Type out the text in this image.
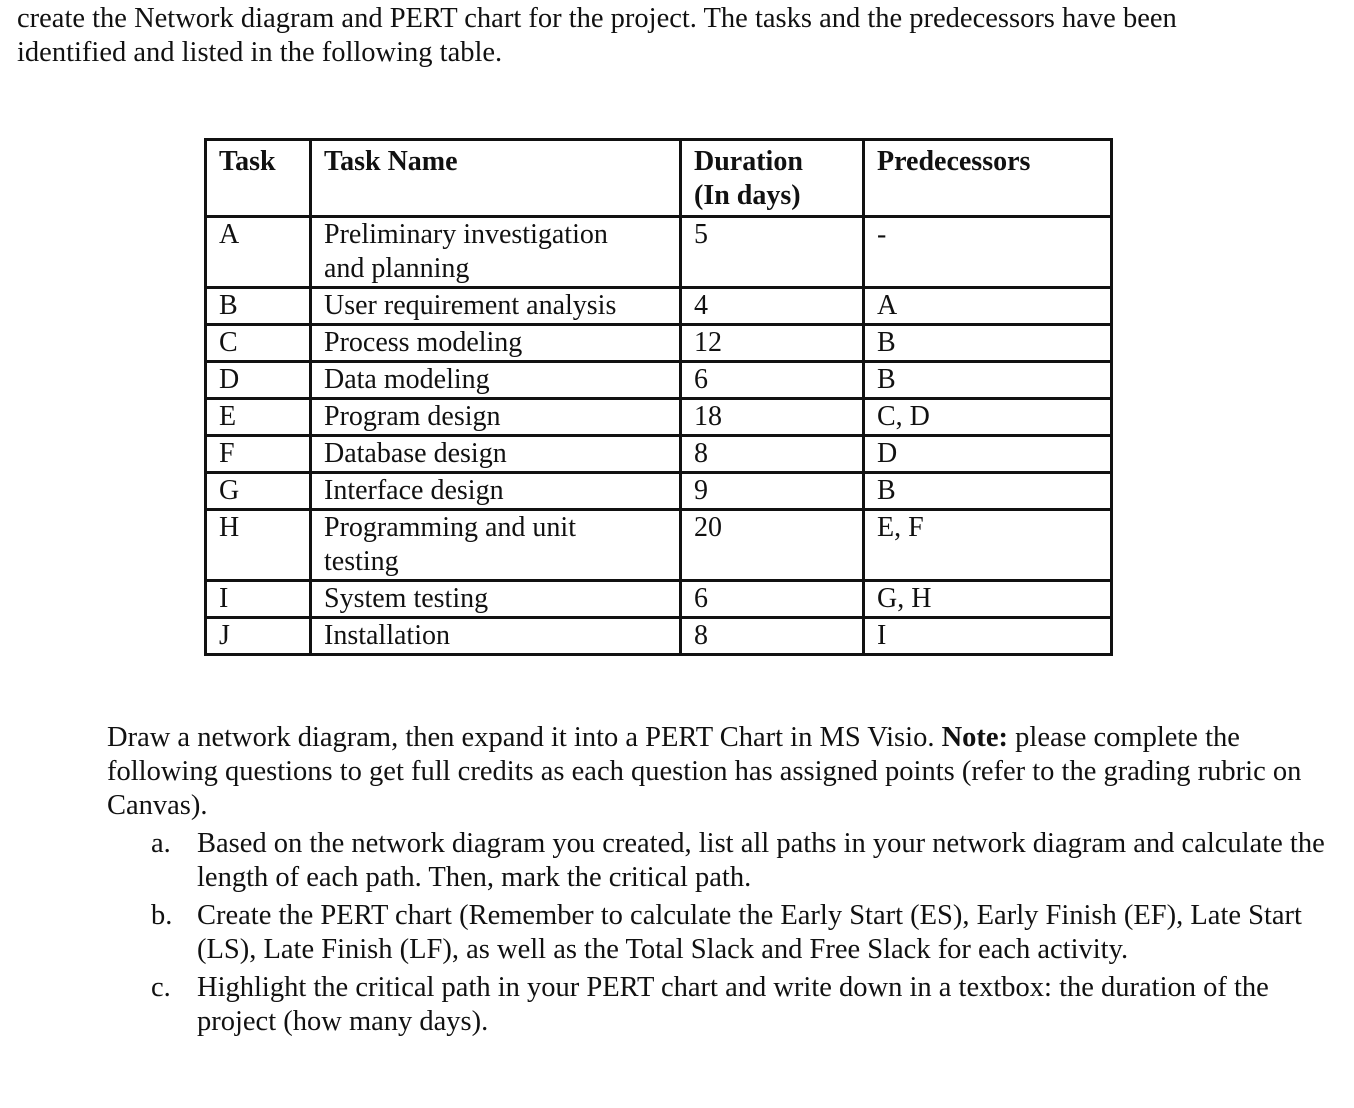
create the Network diagram and PERT chart for the project. The tasks and the predecessors have been
identified and listed in the following table.
Task	Task Name	Duration
(In days)	Predecessors
A	Preliminary investigation
and planning	5	-
B	User requirement analysis	4	A
C	Process modeling	12	B
D	Data modeling	6	B
E	Program design	18	C, D
F	Database design	8	D
G	Interface design	9	B
H	Programming and unit
testing	20	E, F
I	System testing	6	G, H
J	Installation	8	I

Draw a network diagram, then expand it into a PERT Chart in MS Visio. Note: please complete the following questions to get full credits as each question has assigned points (refer to the grading rubric on Canvas).

a. Based on the network diagram you created, list all paths in your network diagram and calculate the length of each path. Then, mark the critical path.
b. Create the PERT chart (Remember to calculate the Early Start (ES), Early Finish (EF), Late Start (LS), Late Finish (LF), as well as the Total Slack and Free Slack for each activity.
c. Highlight the critical path in your PERT chart and write down in a textbox: the duration of the project (how many days).
